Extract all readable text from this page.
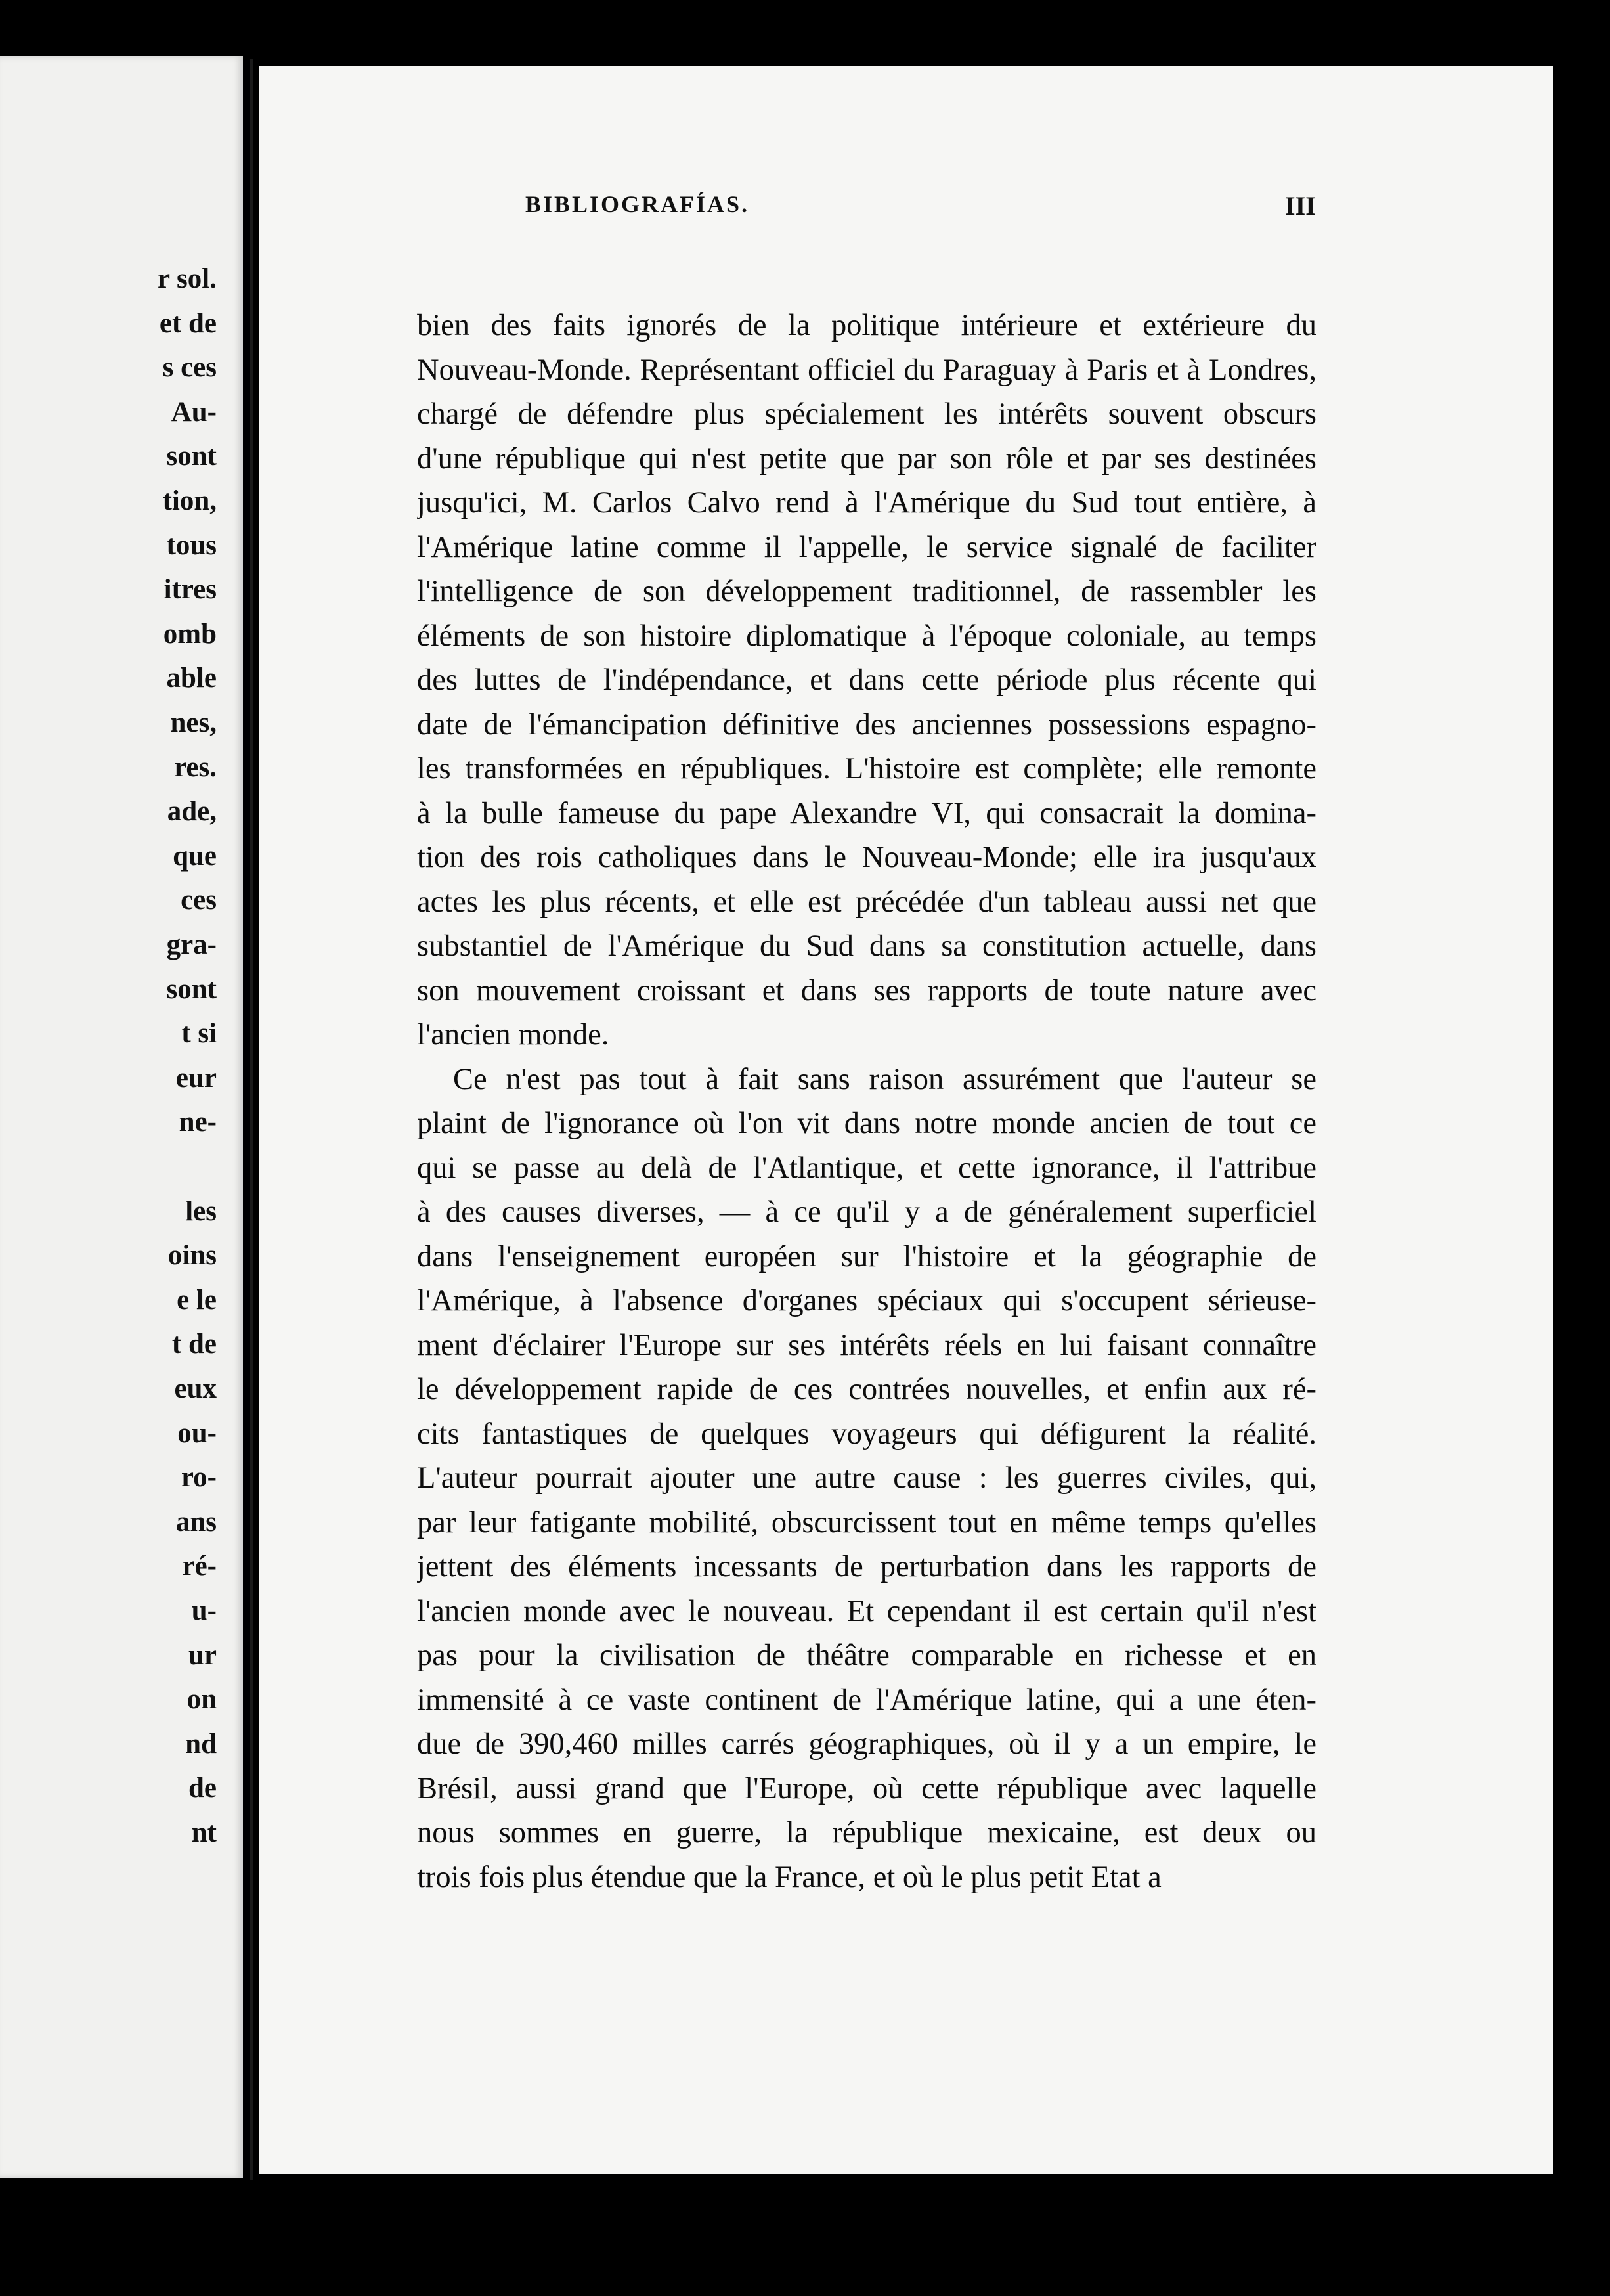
r sol.
et de
s ces
Au-
sont
tion,
tous
itres
omb
able
nes,
res.
ade,
que
ces
gra-
sont
t si
eur
ne-
les
oins
e le
t de
eux
ou-
ro-
ans
ré-
u-
ur
on
nd
de
nt
BIBLIOGRAFÍAS.	III
bien des faits ignorés de la politique intérieure et extérieure du
Nouveau-Monde. Représentant officiel du Paraguay à Paris et à Londres,
chargé de défendre plus spécialement les intérêts souvent obscurs
d'une république qui n'est petite que par son rôle et par ses destinées
jusqu'ici, M. Carlos Calvo rend à l'Amérique du Sud tout entière, à
l'Amérique latine comme il l'appelle, le service signalé de faciliter
l'intelligence de son développement traditionnel, de rassembler les
éléments de son histoire diplomatique à l'époque coloniale, au temps
des luttes de l'indépendance, et dans cette période plus récente qui
date de l'émancipation définitive des anciennes possessions espagno-
les transformées en républiques. L'histoire est complète; elle remonte
à la bulle fameuse du pape Alexandre VI, qui consacrait la domina-
tion des rois catholiques dans le Nouveau-Monde; elle ira jusqu'aux
actes les plus récents, et elle est précédée d'un tableau aussi net que
substantiel de l'Amérique du Sud dans sa constitution actuelle, dans
son mouvement croissant et dans ses rapports de toute nature avec
l'ancien monde.
Ce n'est pas tout à fait sans raison assurément que l'auteur se
plaint de l'ignorance où l'on vit dans notre monde ancien de tout ce
qui se passe au delà de l'Atlantique, et cette ignorance, il l'attribue
à des causes diverses, — à ce qu'il y a de généralement superficiel
dans l'enseignement européen sur l'histoire et la géographie de
l'Amérique, à l'absence d'organes spéciaux qui s'occupent sérieuse-
ment d'éclairer l'Europe sur ses intérêts réels en lui faisant connaître
le développement rapide de ces contrées nouvelles, et enfin aux ré-
cits fantastiques de quelques voyageurs qui défigurent la réalité.
L'auteur pourrait ajouter une autre cause : les guerres civiles, qui,
par leur fatigante mobilité, obscurcissent tout en même temps qu'elles
jettent des éléments incessants de perturbation dans les rapports de
l'ancien monde avec le nouveau. Et cependant il est certain qu'il n'est
pas pour la civilisation de théâtre comparable en richesse et en
immensité à ce vaste continent de l'Amérique latine, qui a une éten-
due de 390,460 milles carrés géographiques, où il y a un empire, le
Brésil, aussi grand que l'Europe, où cette république avec laquelle
nous sommes en guerre, la république mexicaine, est deux ou
trois fois plus étendue que la France, et où le plus petit Etat a
